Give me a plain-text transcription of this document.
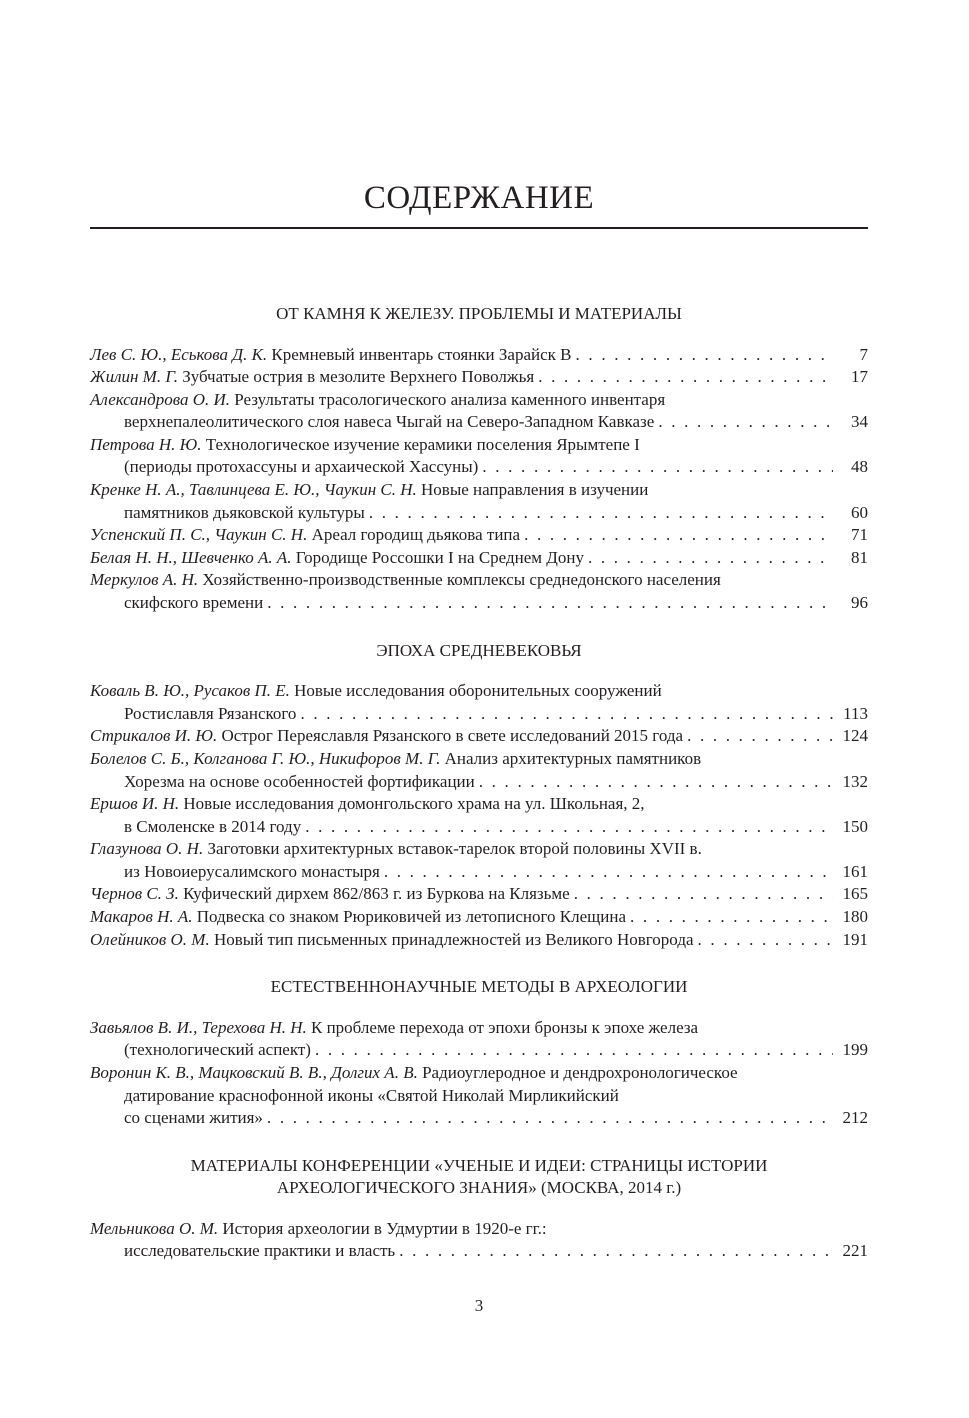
СОДЕРЖАНИЕ
ОТ КАМНЯ К ЖЕЛЕЗУ. ПРОБЛЕМЫ И МАТЕРИАЛЫ
Лев С. Ю., Еськова Д. К.
Кремневый инвентарь стоянки Зарайск В . . .	7
Жилин М. Г.
Зубчатые острия в мезолите Верхнего Поволжья . . .	17
Александрова О. И.
Результаты трасологического анализа каменного инвентаря
верхнепалеолитического слоя навеса Чыгай на Северо-Западном Кавказе . . .	34
Петрова Н. Ю.
Технологическое изучение керамики поселения Ярымтепе I
(периоды протохассуны и архаической Хассуны) . . .	48
Кренке Н. А., Тавлинцева Е. Ю., Чаукин С. Н.
Новые направления в изучении
памятников дьяковской культуры . . .	60
Успенский П. С., Чаукин С. Н.
Ареал городищ дьякова типа . . .	71
Белая Н. Н., Шевченко А. А.
Городище Россошки I на Среднем Дону . . .	81
Меркулов А. Н.
Хозяйственно-производственные комплексы среднедонского населения
скифского времени . . .	96
ЭПОХА СРЕДНЕВЕКОВЬЯ
Коваль В. Ю., Русаков П. Е.
Новые исследования оборонительных сооружений
Ростиславля Рязанского . . .	113
Стрикалов И. Ю.
Острог Переяславля Рязанского в свете исследований 2015 года . . .	124
Болелов С. Б., Колганова Г. Ю., Никифоров М. Г.
Анализ архитектурных памятников
Хорезма на основе особенностей фортификации . . .	132
Ершов И. Н.
Новые исследования домонгольского храма на ул. Школьная, 2,
в Смоленске в 2014 году . . .	150
Глазунова О. Н.
Заготовки архитектурных вставок-тарелок второй половины XVII в.
из Новоиерусалимского монастыря . . .	161
Чернов С. З.
Куфический дирхем 862/863 г. из Буркова на Клязьме . . .	165
Макаров Н. А.
Подвеска со знаком Рюриковичей из летописного Клещина . . .	180
Олейников О. М.
Новый тип письменных принадлежностей из Великого Новгорода . . .	191
ЕСТЕСТВЕННОНАУЧНЫЕ МЕТОДЫ В АРХЕОЛОГИИ
Завьялов В. И., Терехова Н. Н.
К проблеме перехода от эпохи бронзы к эпохе железа
(технологический аспект) . . .	199
Воронин К. В., Мацковский В. В., Долгих А. В.
Радиоуглеродное и дендрохронологическое
датирование краснофонной иконы «Святой Николай Мирликийский
со сценами жития» . . .	212
МАТЕРИАЛЫ КОНФЕРЕНЦИИ «УЧЕНЫЕ И ИДЕИ: СТРАНИЦЫ ИСТОРИИ
АРХЕОЛОГИЧЕСКОГО ЗНАНИЯ» (МОСКВА, 2014 г.)
Мельникова О. М.
История археологии в Удмуртии в 1920-е гг.:
исследовательские практики и власть . . .	221
3
